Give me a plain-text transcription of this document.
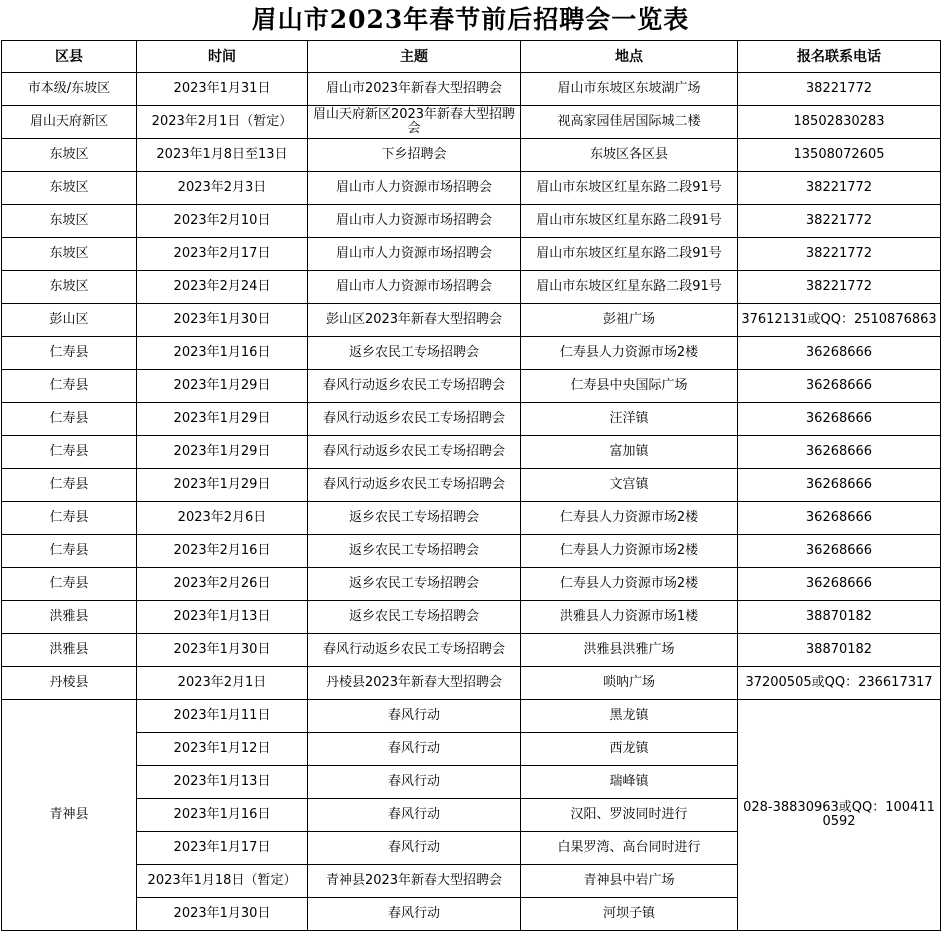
眉山市2023年春节前后招聘会一览表
区县	时间	主题	地点	报名联系电话
市本级/东坡区	2023年1月31日	眉山市2023年新春大型招聘会	眉山市东坡区东坡湖广场	38221772
眉山天府新区	2023年2月1日（暂定）	眉山天府新区2023年新春大型招聘会	视高家园佳居国际城二楼	18502830283
东坡区	2023年1月8日至13日	下乡招聘会	东坡区各区县	13508072605
东坡区	2023年2月3日	眉山市人力资源市场招聘会	眉山市东坡区红星东路二段91号	38221772
东坡区	2023年2月10日	眉山市人力资源市场招聘会	眉山市东坡区红星东路二段91号	38221772
东坡区	2023年2月17日	眉山市人力资源市场招聘会	眉山市东坡区红星东路二段91号	38221772
东坡区	2023年2月24日	眉山市人力资源市场招聘会	眉山市东坡区红星东路二段91号	38221772
彭山区	2023年1月30日	彭山区2023年新春大型招聘会	彭祖广场	37612131或QQ：2510876863
仁寿县	2023年1月16日	返乡农民工专场招聘会	仁寿县人力资源市场2楼	36268666
仁寿县	2023年1月29日	春风行动返乡农民工专场招聘会	仁寿县中央国际广场	36268666
仁寿县	2023年1月29日	春风行动返乡农民工专场招聘会	汪洋镇	36268666
仁寿县	2023年1月29日	春风行动返乡农民工专场招聘会	富加镇	36268666
仁寿县	2023年1月29日	春风行动返乡农民工专场招聘会	文宫镇	36268666
仁寿县	2023年2月6日	返乡农民工专场招聘会	仁寿县人力资源市场2楼	36268666
仁寿县	2023年2月16日	返乡农民工专场招聘会	仁寿县人力资源市场2楼	36268666
仁寿县	2023年2月26日	返乡农民工专场招聘会	仁寿县人力资源市场2楼	36268666
洪雅县	2023年1月13日	返乡农民工专场招聘会	洪雅县人力资源市场1楼	38870182
洪雅县	2023年1月30日	春风行动返乡农民工专场招聘会	洪雅县洪雅广场	38870182
丹棱县	2023年2月1日	丹棱县2023年新春大型招聘会	唢呐广场	37200505或QQ：236617317
青神县	2023年1月11日	春风行动	黑龙镇	028-38830963或QQ：1004110592
	2023年1月12日	春风行动	西龙镇	
	2023年1月13日	春风行动	瑞峰镇	
	2023年1月16日	春风行动	汉阳、罗波同时进行	
	2023年1月17日	春风行动	白果罗湾、高台同时进行	
	2023年1月18日（暂定）	青神县2023年新春大型招聘会	青神县中岩广场	
	2023年1月30日	春风行动	河坝子镇	
